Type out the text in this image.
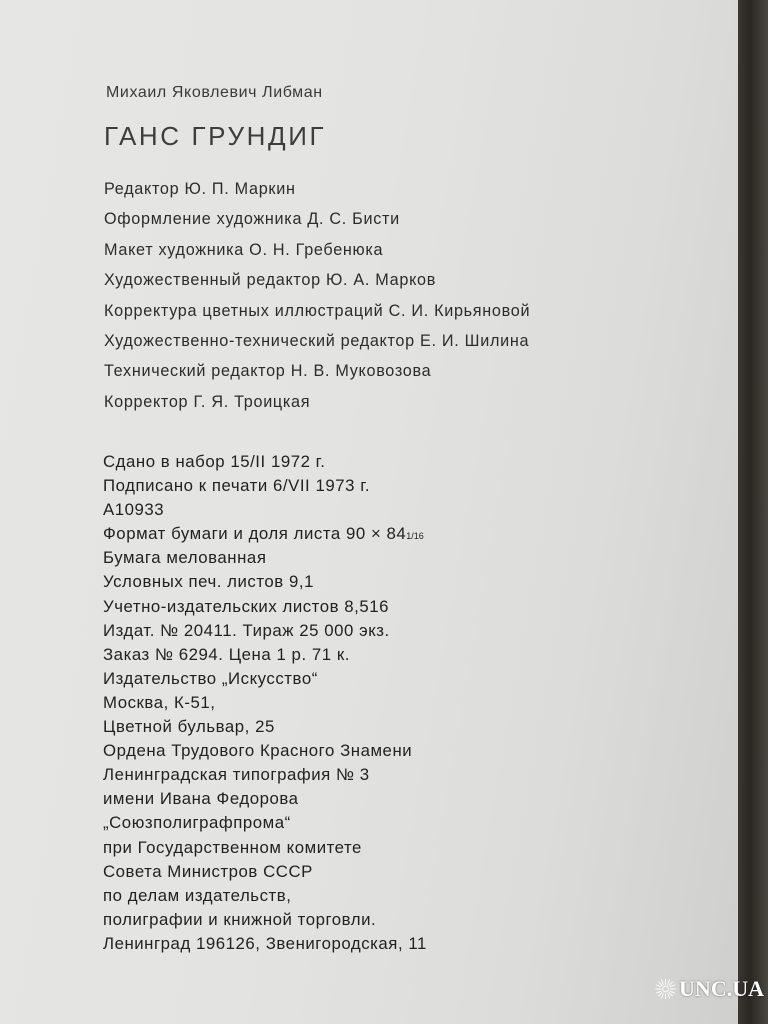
Михаил Яковлевич Либман
ГАНС ГРУНДИГ
Редактор Ю. П. Маркин
Оформление художника Д. С. Бисти
Макет художника О. Н. Гребенюка
Художественный редактор Ю. А. Марков
Корректура цветных иллюстраций С. И. Кирьяновой
Художественно-технический редактор Е. И. Шилина
Технический редактор Н. В. Муковозова
Корректор Г. Я. Троицкая
Сдано в набор 15/II 1972 г.
Подписано к печати 6/VII 1973 г.
А10933
Формат бумаги и доля листа 90 × 841/16
Бумага мелованная
Условных печ. листов 9,1
Учетно-издательских листов 8,516
Издат. № 20411. Тираж 25 000 экз.
Заказ № 6294. Цена 1 р. 71 к.
Издательство „Искусство“
Москва, К-51,
Цветной бульвар, 25
Ордена Трудового Красного Знамени
Ленинградская типография № 3
имени Ивана Федорова
„Союзполиграфпрома“
при Государственном комитете
Совета Министров СССР
по делам издательств,
полиграфии и книжной торговли.
Ленинград 196126, Звенигородская, 11
UNC.UA
